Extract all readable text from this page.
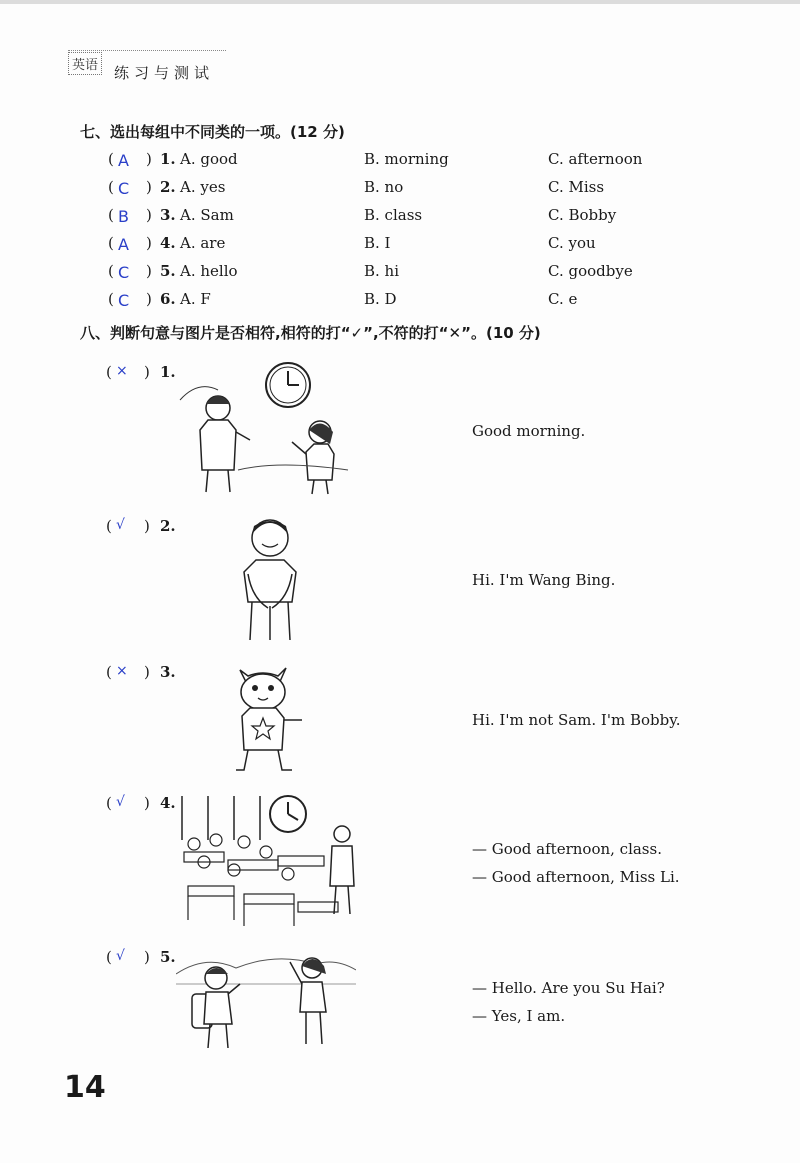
英语 练习与测试
七、选出每组中不同类的一项。(12 分)
( A ) 1. A. good	B. morning	C. afternoon
( C ) 2. A. yes	B. no	C. Miss
( B ) 3. A. Sam	B. class	C. Bobby
( A ) 4. A. are	B. I	C. you
( C ) 5. A. hello	B. hi	C. goodbye
( C ) 6. A. F	B. D	C. e
八、判断句意与图片是否相符,相符的打“✓”,不符的打“✕”。(10 分)
( × ) 1.
Good morning.
( √ ) 2.
Hi. I'm Wang Bing.
( × ) 3.
Hi. I'm not Sam. I'm Bobby.
( √ ) 4.
— Good afternoon, class.
— Good afternoon, Miss Li.
( √ ) 5.
— Hello. Are you Su Hai?
— Yes, I am.
14
